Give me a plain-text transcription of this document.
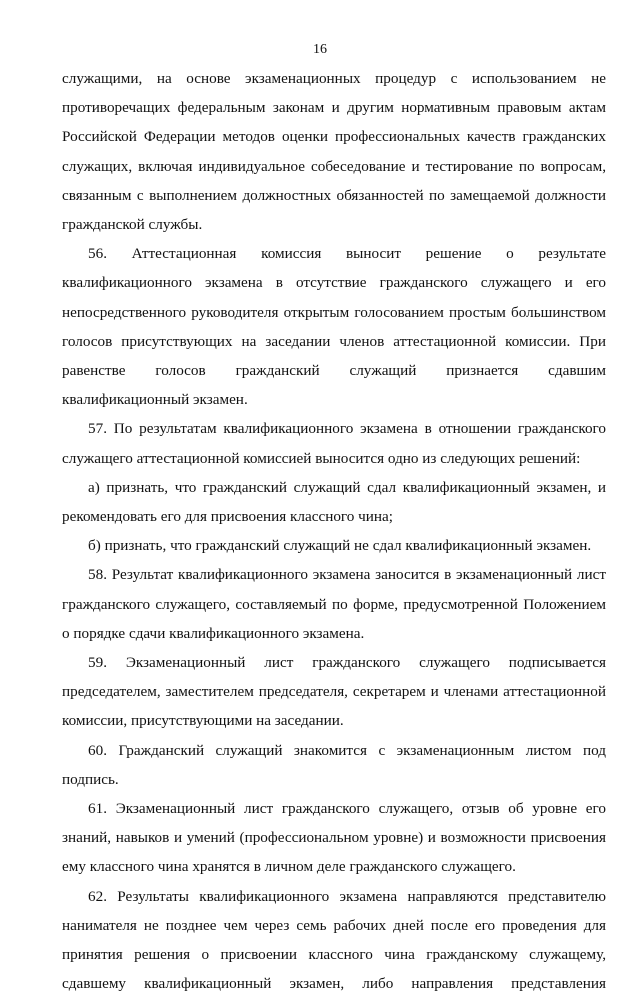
16

служащими, на основе экзаменационных процедур с использованием не противоречащих федеральным законам и другим нормативным правовым актам Российской Федерации методов оценки профессиональных качеств гражданских служащих, включая индивидуальное собеседование и тестирование по вопросам, связанным с выполнением должностных обязанностей по замещаемой должности гражданской службы.

56. Аттестационная комиссия выносит решение о результате квалификационного экзамена в отсутствие гражданского служащего и его непосредственного руководителя открытым голосованием простым большинством голосов присутствующих на заседании членов аттестационной комиссии. При равенстве голосов гражданский служащий признается сдавшим квалификационный экзамен.

57. По результатам квалификационного экзамена в отношении гражданского служащего аттестационной комиссией выносится одно из следующих решений:

а) признать, что гражданский служащий сдал квалификационный экзамен, и рекомендовать его для присвоения классного чина;

б) признать, что гражданский служащий не сдал квалификационный экзамен.

58. Результат квалификационного экзамена заносится в экзаменационный лист гражданского служащего, составляемый по форме, предусмотренной Положением о порядке сдачи квалификационного экзамена.

59. Экзаменационный лист гражданского служащего подписывается председателем, заместителем председателя, секретарем и членами аттестационной комиссии, присутствующими на заседании.

60. Гражданский служащий знакомится с экзаменационным листом под подпись.

61. Экзаменационный лист гражданского служащего, отзыв об уровне его знаний, навыков и умений (профессиональном уровне) и возможности присвоения ему классного чина хранятся в личном деле гражданского служащего.

62. Результаты квалификационного экзамена направляются представителю нанимателя не позднее чем через семь рабочих дней после его проведения для принятия решения о присвоении классного чина гражданскому служащему, сдавшему квалификационный экзамен, либо направления представления
